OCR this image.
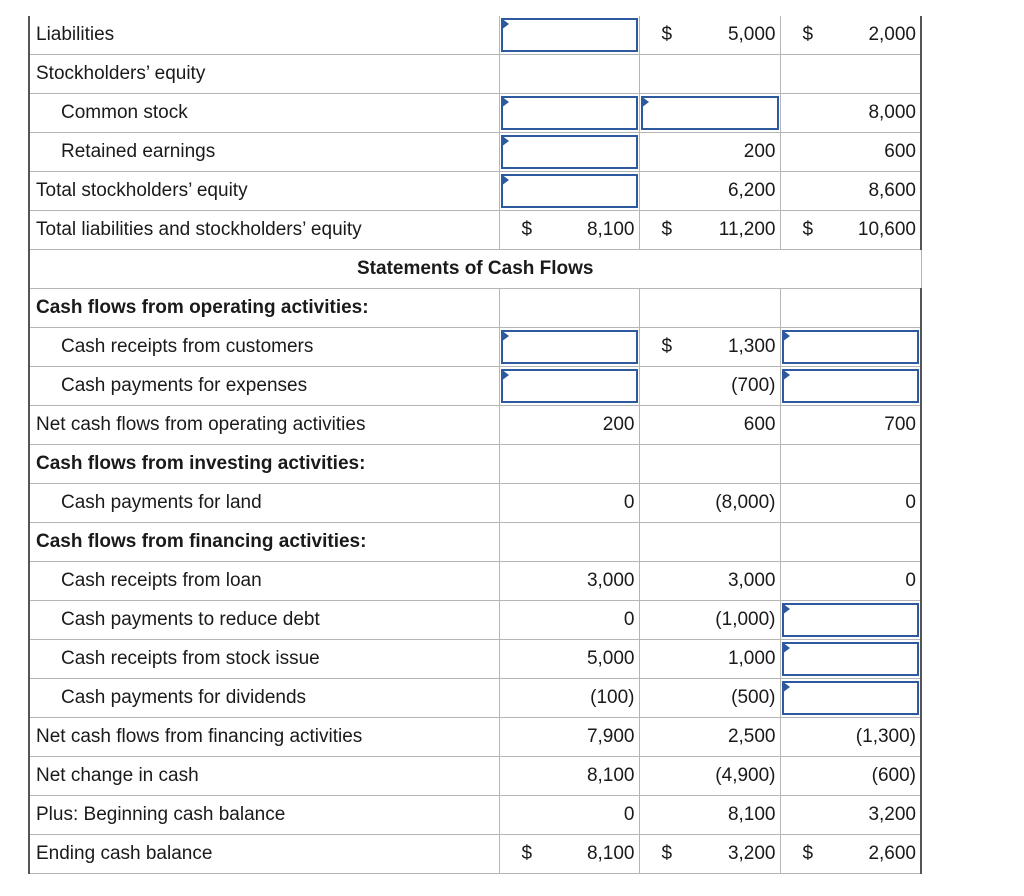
Liabilities		$ 5,000	$ 2,000
Stockholders’ equity			
Common stock			8,000
Retained earnings		200	600
Total stockholders’ equity		6,200	8,600
Total liabilities and stockholders’ equity	$ 8,100	$ 11,200	$ 10,600
Statements of Cash Flows			
Cash flows from operating activities:			
Cash receipts from customers		$ 1,300	

Cash payments for expenses		(700)	

Net cash flows from operating activities	200	600	700
Cash flows from investing activities:			
Cash payments for land	0	(8,000)	0
Cash flows from financing activities:			
Cash receipts from loan	3,000	3,000	0
Cash payments to reduce debt	0	(1,000)	

Cash receipts from stock issue	5,000	1,000	

Cash payments for dividends	(100)	(500)	

Net cash flows from financing activities	7,900	2,500	(1,300)
Net change in cash	8,100	(4,900)	(600)
Plus: Beginning cash balance	0	8,100	3,200
Ending cash balance	$ 8,100	$ 3,200	$ 2,600
